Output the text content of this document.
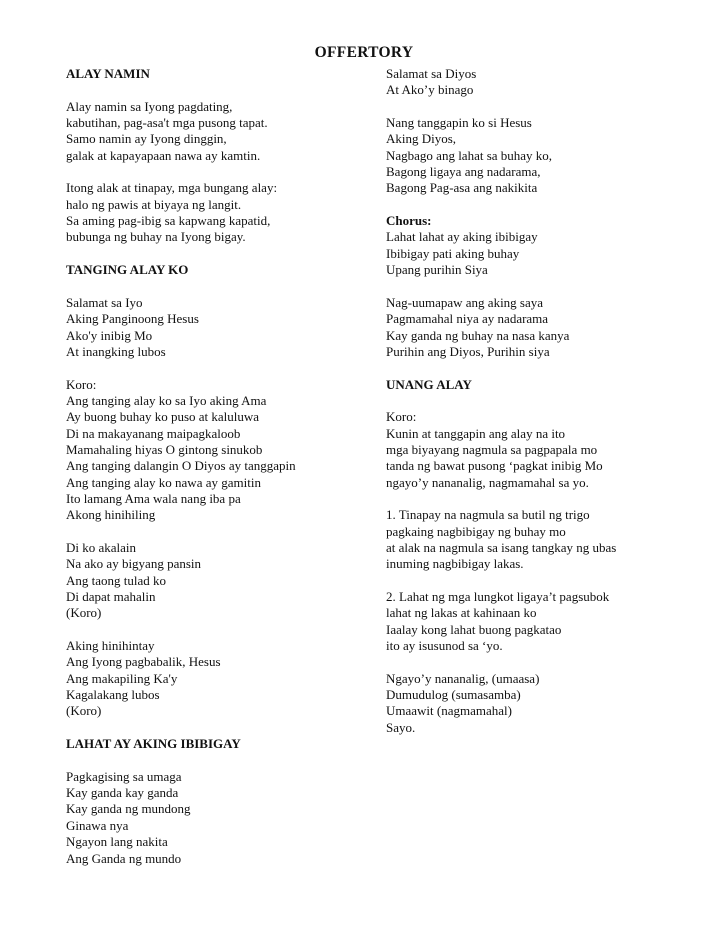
OFFERTORY
ALAY NAMIN
Alay namin sa Iyong pagdating,
kabutihan, pag-asa't mga pusong tapat.
Samo namin ay Iyong dinggin,
galak at kapayapaan nawa ay kamtin.
Itong alak at tinapay, mga bungang alay:
halo ng pawis at biyaya ng langit.
Sa aming pag-ibig sa kapwang kapatid,
bubunga ng buhay na Iyong bigay.
TANGING ALAY KO
Salamat sa Iyo
Aking Panginoong Hesus
Ako'y inibig Mo
At inangking lubos
Koro:
Ang tanging alay ko sa Iyo aking Ama
Ay buong buhay ko puso at kaluluwa
Di na makayanang maipagkaloob
Mamahaling hiyas O gintong sinukob
Ang tanging dalangin O Diyos ay tanggapin
Ang tanging alay ko nawa ay gamitin
Ito lamang Ama wala nang iba pa
Akong hinihiling
Di ko akalain
Na ako ay bigyang pansin
Ang taong tulad ko
Di dapat mahalin
(Koro)
Aking hinihintay
Ang Iyong pagbabalik, Hesus
Ang makapiling Ka'y
Kagalakang lubos
(Koro)
LAHAT AY AKING IBIBIGAY
Pagkagising sa umaga
Kay ganda kay ganda
Kay ganda ng mundong
Ginawa nya
Ngayon lang nakita
Ang Ganda ng mundo
Salamat sa Diyos
At Ako’y binago
Nang tanggapin ko si Hesus
Aking Diyos,
Nagbago ang lahat sa buhay ko,
Bagong ligaya ang nadarama,
Bagong Pag-asa ang nakikita
Chorus:
Lahat lahat ay aking ibibigay
Ibibigay pati aking buhay
Upang purihin Siya
Nag-uumapaw ang aking saya
Pagmamahal niya ay nadarama
Kay ganda ng buhay na nasa kanya
Purihin ang Diyos, Purihin siya
UNANG ALAY
Koro:
Kunin at tanggapin ang alay na ito
mga biyayang nagmula sa pagpapala mo
tanda ng bawat pusong ‘pagkat inibig Mo
ngayo’y nananalig, nagmamahal sa yo.
1. Tinapay na nagmula sa butil ng trigo
pagkaing nagbibigay ng buhay mo
at alak na nagmula sa isang tangkay ng ubas
inuming nagbibigay lakas.
2. Lahat ng mga lungkot ligaya’t pagsubok
lahat ng lakas at kahinaan ko
Iaalay kong lahat buong pagkatao
ito ay isusunod sa ‘yo.
Ngayo’y nananalig, (umaasa)
Dumudulog (sumasamba)
Umaawit (nagmamahal)
Sayo.
